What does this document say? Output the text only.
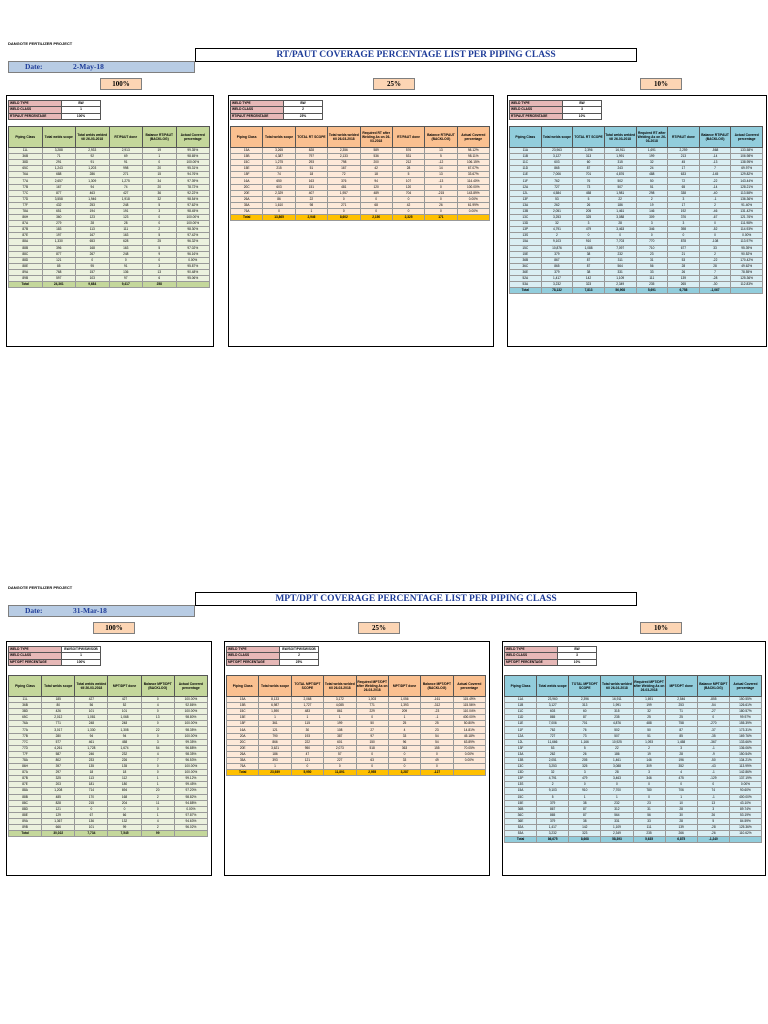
DANGOTE FERTILIZER PROJECT
RT/PAUT COVERAGE PERCENTAGE LIST PER PIPING CLASS
Date:	2-May-18
100%	25%	10%
WELD TYPE	BW
WELD CLASS	1
RT/PAUT PERCENTAGE	100%
WELD TYPE	BW
WELD CLASS	2
RT/PAUT PERCENTAGE	25%
WELD TYPE	BW
WELD CLASS	3
RT/PAUT PERCENTAGE	10%
Piping Class	Total welds scope	Total welds welded till 26-03-2018	RT/PAUT done	Balance RT/PAUT (BACKLOG)	Actual Covered percentage
11L	3,288	2,933	2,913	19	99.35%
36B	71	92	69	1	98.65%
38D	291	91	91	0	100.00%
65C	1,243	1,203	998	20	95.31%
76A	688	286	271	15	94.76%
77A	2,657	1,309	1,275	34	97.39%
77B	167	94	74	20	78.72%
77C	877	463	427	36	92.22%
77D	3,558	1,946	1,918	32	98.54%
77F	432	253	248	5	97.62%
78A	651	194	191	3	98.45%
86H	360	123	123	0	100.00%
87A	279	28	28	0	100.00%
87B	183	113	111	2	98.30%
87E	197	167	163	5	97.42%
88A	1,330	653	628	25	96.32%
88B	396	168	163	5	97.02%
88C	877	267	248	9	96.16%
88D	121	0	0	0	0.00%
88E	85	95	91	3	95.87%
89A	768	157	136	13	90.48%
89B	597	103	97	6	95.06%
Total	24,361	9,684	9,417	258	
Piping Class	Total welds scope	TOTAL RT SCOPE	Total welds welded till 26-03-2018	Required RT after Welding As on 26-03-2018	RT/PAUT done	Balance RT/PAUT (BACKLOG)	Actual Covered percentage
15A	3,265	828	2,356	589	576	13	98.12%
15B	4,387	797	2,133	536	531	5	98.11%
15C	1,275	293	798	200	212	-12	106.15%
15E	215	51	167	42	28	14	67.07%
15F	74	18	72	18	5	13	33.67%
16A	650	163	376	94	107	-13	114.40%
20C	603	151	481	120	120	0	100.00%
20E	2,329	407	1,957	489	704	-215	143.89%
26A	86	22	0	0	0	0	0.00%
35A	1,610	98	271	68	42	26	61.99%
76A	0	1	0	0	0	0	0.00%
Total	13,865	2,946	8,602	2,150	2,325	171	
Piping Class	Total welds scope	TOTAL RT SCOPE	Total welds welded till 26-03-2018	Required RT after Welding As on 26-03-2018	RT/PAUT done	Balance RT/PAUT (BACKLOG)	Actual Covered percentage
11A	23,963	2,396	16,911	1,691	2,259	-568	133.58%
11B	3,127	313	1,991	199	213	-14	106.98%
11C	603	60	315	32	45	-13	138.95%
11D	865	87	243	24	17	7	69.97%
11E	7,006	701	4,876	488	633	-145	129.82%
11F	762	76	502	50	72	-22	143.44%
12A	727	73	507	51	65	-14	128.21%
12L	4,584	458	1,981	298	338	-40	113.58%
13F	53	5	22	2	3	-1	136.36%
13A	262	26	186	19	17	2	91.40%
13B	2,051	205	1,461	146	192	-46	131.42%
13C	3,253	325	3,088	309	376	-67	121.76%
13D	32	3	28	3	3	0	111.98%
13P	4,791	479	3,463	346	398	-52	114.93%
13S	2	0	0	0	0	0	0.00%
15A	9,103	910	7,703	770	878	-108	113.97%
15C	10,876	1,088	7,097	710	677	33	95.39%
15E	379	38	232	23	21	2	90.52%
36B	867	87	311	31	53	-22	170.42%
36C	865	87	564	56	28	28	49.62%
36E	379	38	331	33	26	7	78.55%
52A	1,417	142	1,109	111	139	-28	125.36%
53A	3,232	323	2,349	235	265	-30	112.83%
Total	78,132	7,813	56,908	5,691	6,758	-1,067	
DANGOTE FERTILIZER PROJECT
MPT/DPT COVERAGE PERCENTAGE LIST PER PIPING CLASS
Date:	31-Mar-18
100%	25%	10%
WELD TYPE	BW/SO/T/PW/SW/SOB
WELD CLASS	1
MPT/DPT PERCENTAGE	100%
WELD TYPE	BW/SO/T/PW/SW/SOB
WELD CLASS	2
MPT/DPT PERCENTAGE	25%
WELD TYPE	BW
WELD CLASS	3
MPT/DPT PERCENTAGE	10%
Piping Class	Total welds scope	Total welds welded till 26-03-2018	MPT/DPT done	Balance MPT/DPT (BACKLOG)	Actual Covered percentage
11L	185	427	427	0	100.00%
36B	80	56	52	4	92.86%
38D	426	101	101	0	100.00%
65C	2,012	1,081	1,068	13	98.80%
76A	771	248	248	0	100.00%
77A	3,017	1,330	1,308	22	98.35%
77B	280	94	94	0	100.00%
77C	577	461	458	3	99.35%
77D	4,261	1,728	1,674	54	96.88%
77F	587	246	232	4	98.35%
78A	802	233	226	7	96.53%
86H	397	135	135	0	100.00%
87A	297	18	18	0	100.00%
87B	325	113	112	1	99.12%
87E	203	181	180	1	99.45%
88A	1,208	714	694	20	97.20%
88B	485	170	168	2	98.82%
88C	828	215	204	11	94.88%
88D	121	0	0	0	0.00%
88E	129	67	66	1	97.87%
89A	1,367	136	132	4	94.63%
89B	666	101	99	2	96.02%
Total	30,022	7,734	7,545	99	
Piping Class	Total welds scope	TOTAL MPT/DPT SCOPE	Total welds welded till 26-03-2018	Required MPT/DPT after Welding As on 26-03-2018	MPT/DPT done	Balance MPT/DPT (BACKLOG)	Actual Covered percentage
15A	8,133	2,068	3,172	1,003	1,056	-161	115.49%
15B	6,987	1,727	4,085	771	1,393	-312	115.56%
15C	1,590	483	861	229	209	-23	110.04%
15E	1	1	1	0	1	-1	400.00%
15F	361	115	199	50	25	25	50.80%
16A	121	30	108	27	4	23	14.81%
20A	790	193	387	97	33	54	45.18%
20C	866	222	601	150	96	54	63.89%
20E	3,621	950	2,073	518	363	155	70.05%
26A	186	47	57	0	0	0	0.00%
35A	393	121	227	63	33	49	0.00%
76A	1	0	0	0	0	0	
Total	23,939	5,950	11,891	2,955	3,287	-127	
Piping Class	Total welds scope	TOTAL MPT/DPT SCOPE	Total welds welded till 26-03-2018	Required MPT/DPT after Welding As on 26-03-2018	MPT/DPT done	Balance MPT/DPT (BACKLOG)	Actual Covered percentage
11A	23,960	2,396	16,911	1,691	2,546	-855	150.55%
11B	3,127	313	1,991	199	253	-54	126.61%
11C	603	60	315	32	71	-27	180.57%
11D	865	87	235	25	25	0	99.97%
11E	7,006	701	4,876	488	758	-270	155.39%
11F	762	76	502	50	87	-37	173.31%
12A	727	73	507	51	85	-35	169.76%
12L	11,666	1,166	10,925	1,093	1,458	-367	133.66%
13F	53	5	22	2	3	-1	136.06%
13A	262	26	186	19	28	-9	150.54%
13B	2,051	205	1,461	146	196	-50	134.21%
13C	3,253	325	3,088	309	352	-43	113.99%
13D	32	3	28	3	4	-1	142.86%
13P	4,791	479	3,463	346	475	-129	137.19%
13S	2	0	0	0	0	0	0.00%
15A	9,103	910	7,700	780	706	74	90.60%
15C	5	1	1	0	1	-1	400.00%
15E	379	38	232	23	10	13	43.10%
36B	867	87	312	31	28	3	89.74%
36C	865	87	564	56	30	26	53.19%
36E	379	38	331	33	28	5	84.59%
52A	1,417	142	1,109	111	139	-28	125.36%
53A	3,232	323	2,349	235	266	-26	110.62%
Total	86,675	8,668	58,393	5,635	6,875	-1,240	
